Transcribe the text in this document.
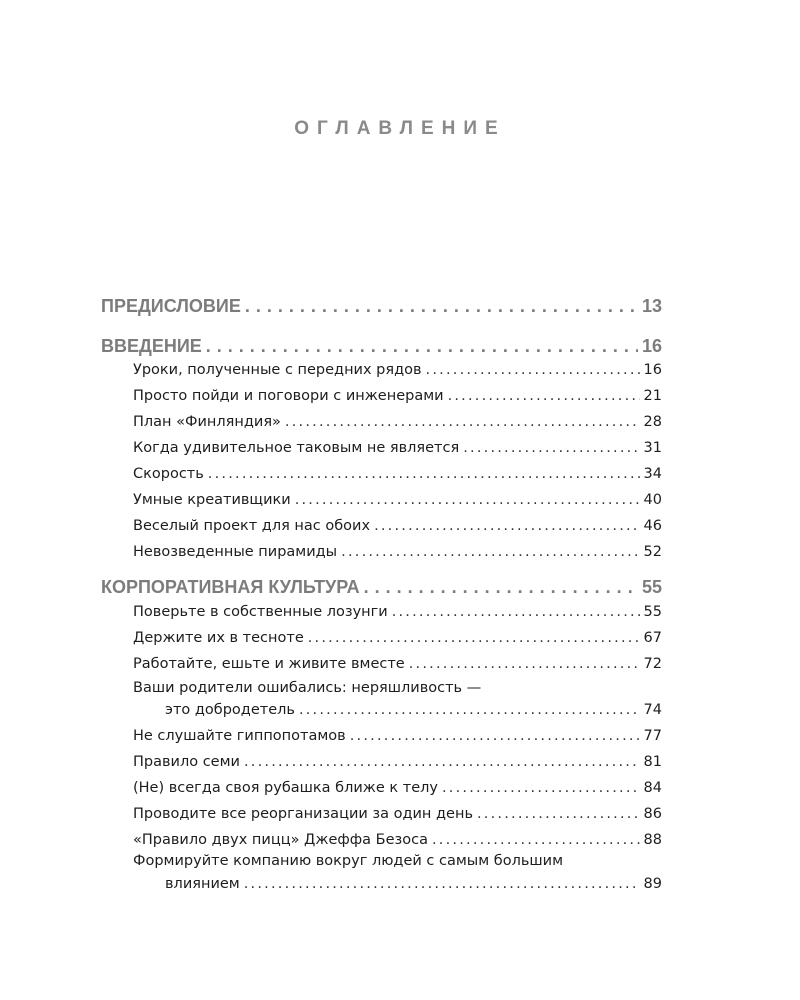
ОГЛАВЛЕНИЕ
ПРЕДИСЛОВИЕ . . .	13
ВВЕДЕНИЕ . . .	16
Уроки, полученные с передних рядов .....	16
Просто пойди и поговори с инженерами .....	21
План «Финляндия» .....	28
Когда удивительное таковым не является .....	31
Скорость .....	34
Умные креативщики .....	40
Веселый проект для нас обоих .....	46
Невозведенные пирамиды .....	52
КОРПОРАТИВНАЯ КУЛЬТУРА . . .	55
Поверьте в собственные лозунги .....	55
Держите их в тесноте .....	67
Работайте, ешьте и живите вместе .....	72
Ваши родители ошибались: неряшливость —
это добродетель .....	74
Не слушайте гиппопотамов .....	77
Правило семи .....	81
(Не) всегда своя рубашка ближе к телу .....	84
Проводите все реорганизации за один день .....	86
«Правило двух пицц» Джеффа Безоса .....	88
Формируйте компанию вокруг людей с самым большим
влиянием .....	89
